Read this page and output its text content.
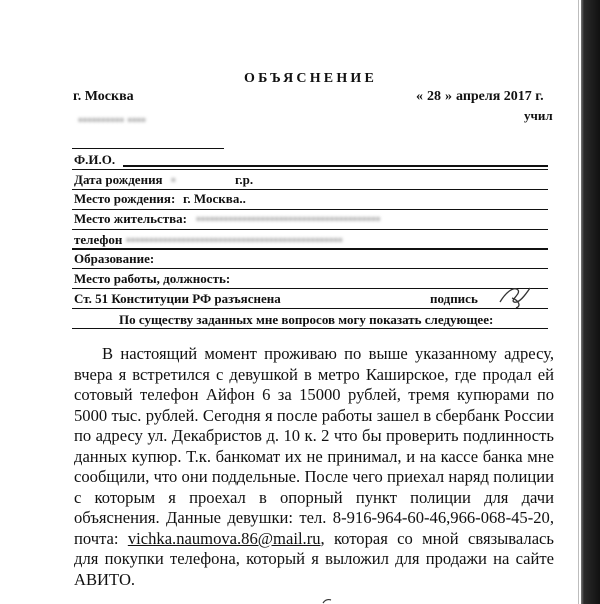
ОБЪЯСНЕНИЕ
г. Москва	« 28 » апреля 2017 г.
▪▪▪▪▪▪▪▪▪▪ ▪▪▪▪	учил
Ф.И.О.
Дата рождения ▪	г.р.
Место рождения: г. Москва..
Место жительства: ▪▪▪▪▪▪▪▪▪▪▪▪▪▪▪▪▪▪▪▪▪▪▪▪▪▪▪▪▪▪▪▪▪▪▪▪▪▪▪▪
телефон ▪▪▪▪▪▪▪▪▪▪▪▪▪▪▪▪▪▪▪▪▪▪▪▪▪▪▪▪▪▪▪▪▪▪▪▪▪▪▪▪▪▪▪▪▪▪▪
Образование:
Место работы, должность:
Ст. 51 Конституции РФ разъяснена	подпись
По существу заданных мне вопросов могу показать следующее:
В настоящий момент проживаю по выше указанному адресу, вчера я встретился с девушкой в метро Каширское, где продал ей сотовый телефон Айфон 6 за 15000 рублей, тремя купюрами по 5000 тыс. рублей. Сегодня я после работы зашел в сбербанк России по адресу ул. Декабристов д. 10 к. 2 что бы проверить подлинность данных купюр. Т.к. банкомат их не принимал, и на кассе банка мне сообщили, что они поддельные. После чего приехал наряд полиции с которым я проехал в опорный пункт полиции для дачи объяснения. Данные девушки: тел. 8-916-964-60-46,966-068-45-20, почта: vichka.naumova.86@mail.ru, которая со мной связывалась для покупки телефона, который я выложил для продажи на сайте АВИТО.
